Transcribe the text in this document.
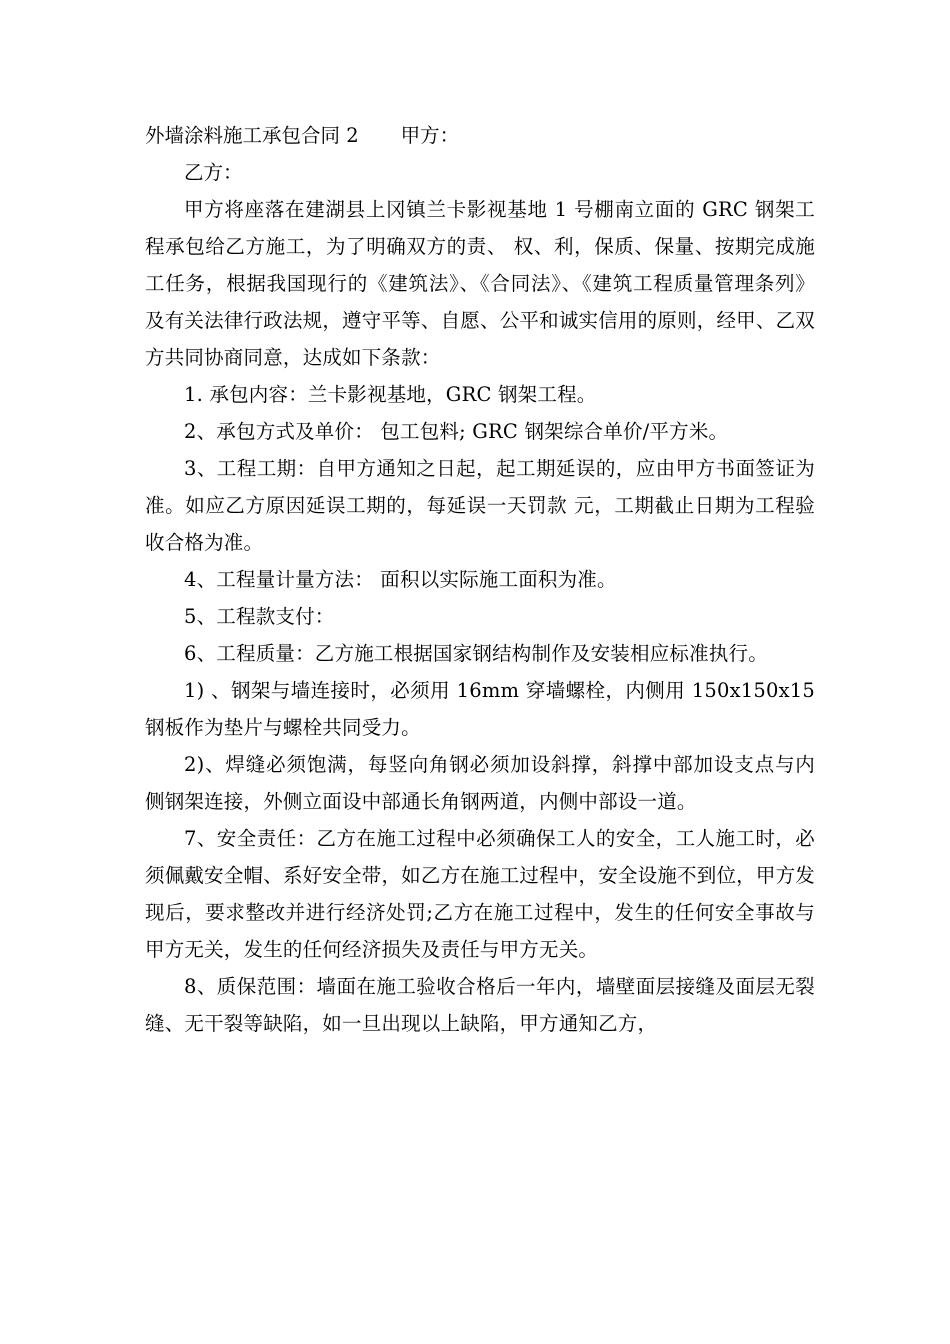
外墙涂料施工承包合同 2 甲方：

乙方：

甲方将座落在建湖县上冈镇兰卡影视基地 1 号棚南立面的 GRC 钢架工程承包给乙方施工，为了明确双方的责、 权、利，保质、保量、按期完成施工任务，根据我国现行的《建筑法》、《合同法》、《建筑工程质量管理条列》及有关法律行政法规，遵守平等、自愿、公平和诚实信用的原则，经甲、乙双方共同协商同意，达成如下条款：

1. 承包内容：兰卡影视基地，GRC 钢架工程。

2、承包方式及单价： 包工包料; GRC 钢架综合单价/平方米。

3、工程工期：自甲方通知之日起，起工期延误的，应由甲方书面签证为准。如应乙方原因延误工期的，每延误一天罚款 元，工期截止日期为工程验收合格为准。

4、工程量计量方法： 面积以实际施工面积为准。

5、工程款支付：

6、工程质量：乙方施工根据国家钢结构制作及安装相应标准执行。

1) 、钢架与墙连接时，必须用 16mm 穿墙螺栓，内侧用 150x150x15 钢板作为垫片与螺栓共同受力。

2)、焊缝必须饱满，每竖向角钢必须加设斜撑，斜撑中部加设支点与内侧钢架连接，外侧立面设中部通长角钢两道，内侧中部设一道。

7、安全责任：乙方在施工过程中必须确保工人的安全，工人施工时，必须佩戴安全帽、系好安全带，如乙方在施工过程中，安全设施不到位，甲方发现后，要求整改并进行经济处罚;乙方在施工过程中，发生的任何安全事故与甲方无关，发生的任何经济损失及责任与甲方无关。

8、质保范围：墙面在施工验收合格后一年内，墙壁面层接缝及面层无裂缝、无干裂等缺陷，如一旦出现以上缺陷，甲方通知乙方，
